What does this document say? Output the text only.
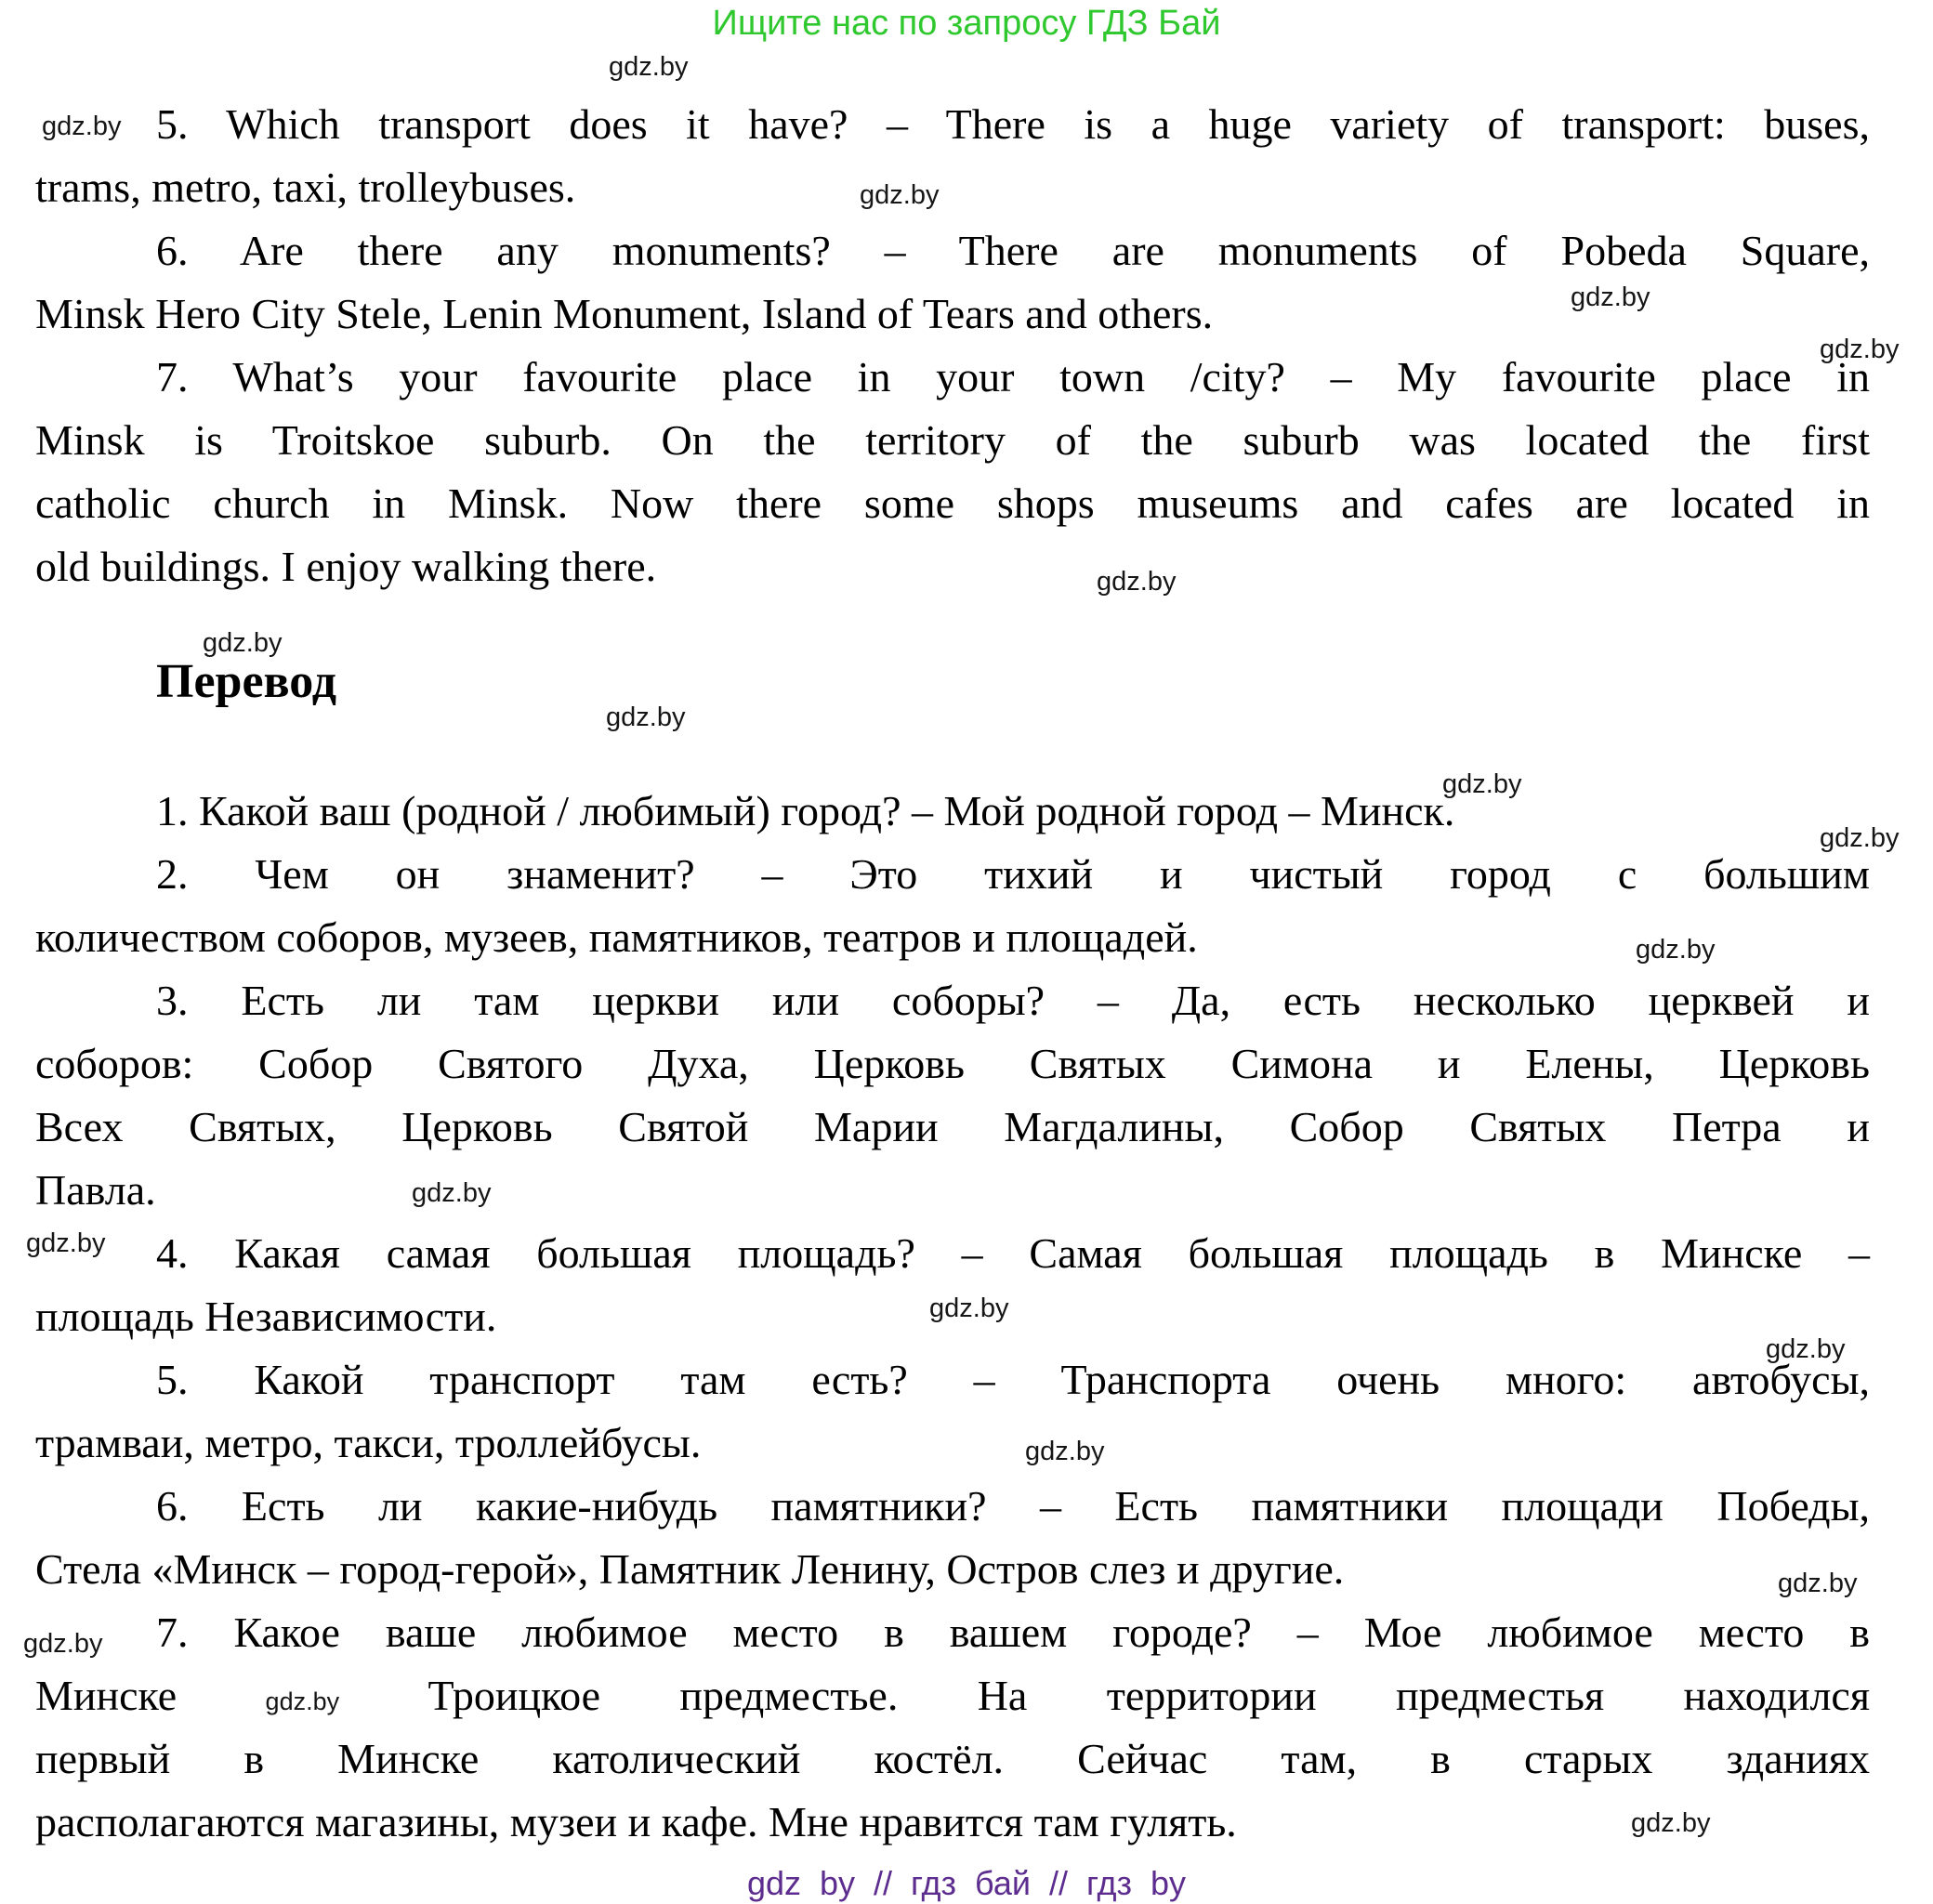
Ищите нас по запросу ГДЗ Бай
gdz.by
gdz.by
gdz.by
gdz.by
gdz.by
gdz.by
gdz.by
gdz.by
gdz.by
gdz.by
gdz.by
gdz.by
gdz.by
gdz.by
gdz.by
gdz.by
gdz.by
gdz.by
gdz.by
5. Which transport does it have? – There is a huge variety of transport: buses,
trams, metro, taxi, trolleybuses.
6. Are there any monuments? – There are monuments of Pobeda Square,
Minsk Hero City Stele, Lenin Monument, Island of Tears and others.
7. What’s your favourite place in your town /city? – My favourite place in
Minsk is Troitskoe suburb. On the territory of the suburb was located the first
catholic church in Minsk. Now there some shops museums and cafes are located in
old buildings. I enjoy walking there.
Перевод
1. Какой ваш (родной / любимый) город? – Мой родной город – Минск.
2. Чем он знаменит? – Это тихий и чистый город с большим
количеством соборов, музеев, памятников, театров и площадей.
3. Есть ли там церкви или соборы? – Да, есть несколько церквей и
соборов: Собор Святого Духа, Церковь Святых Симона и Елены, Церковь
Всех Святых, Церковь Святой Марии Магдалины, Собор Святых Петра и
Павла.
4. Какая самая большая площадь? – Самая большая площадь в Минске –
площадь Независимости.
5. Какой транспорт там есть? – Транспорта очень много: автобусы,
трамваи, метро, такси, троллейбусы.
6. Есть ли какие-нибудь памятники? – Есть памятники площади Победы,
Стела «Минск – город-герой», Памятник Ленину, Остров слез и другие.
7. Какое ваше любимое место в вашем городе? – Мое любимое место в
Минске gdz.by Троицкое предместье. На территории предместья находился
первый в Минске католический костёл. Сейчас там, в старых зданиях
располагаются магазины, музеи и кафе. Мне нравится там гулять.
gdz by // гдз бай // гдз by
